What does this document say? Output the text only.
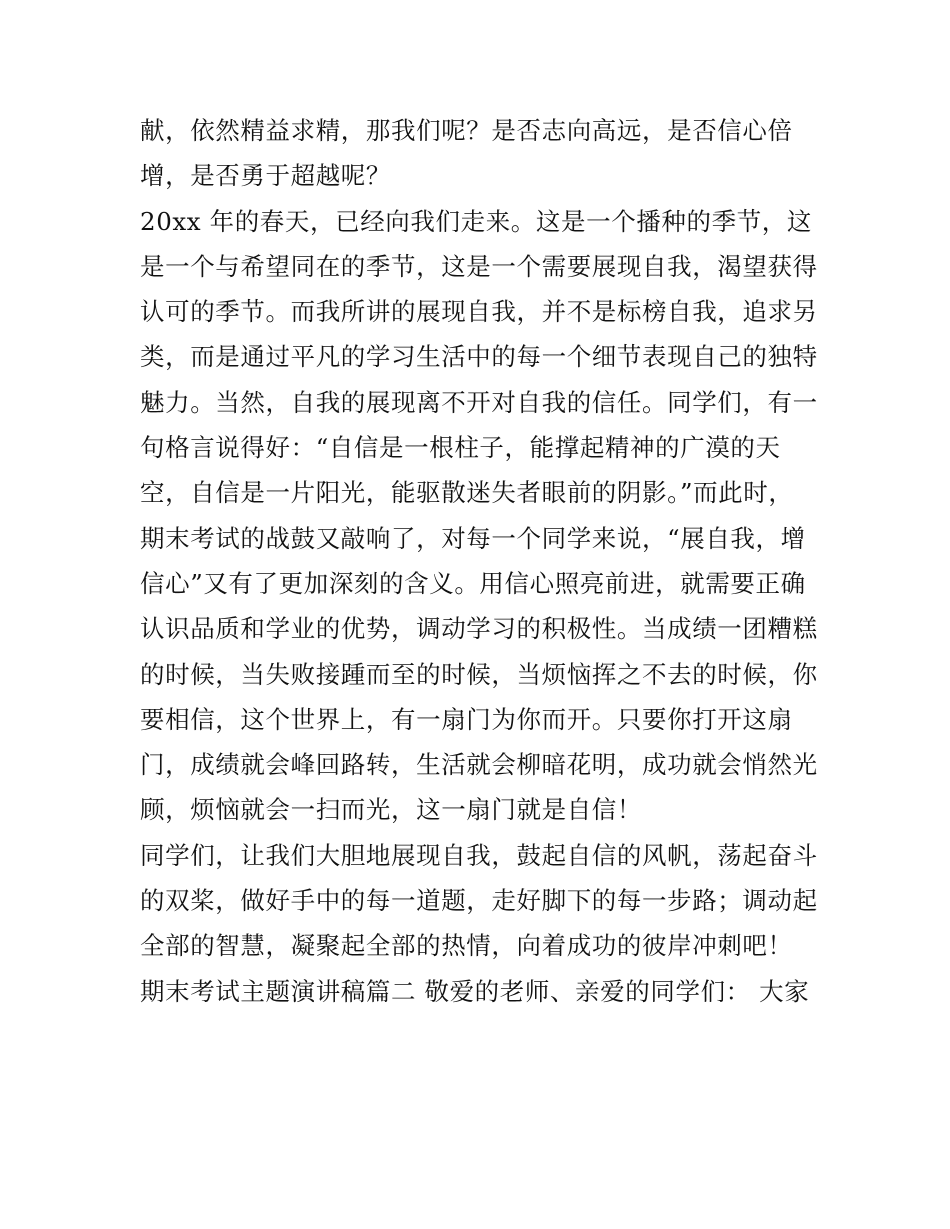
献，依然精益求精，那我们呢？是否志向高远，是否信心倍
增，是否勇于超越呢？
20xx 年的春天，已经向我们走来。这是一个播种的季节，这
是一个与希望同在的季节，这是一个需要展现自我，渴望获得
认可的季节。而我所讲的展现自我，并不是标榜自我，追求另
类，而是通过平凡的学习生活中的每一个细节表现自己的独特
魅力。当然，自我的展现离不开对自我的信任。同学们，有一
句格言说得好：“自信是一根柱子，能撑起精神的广漠的天
空，自信是一片阳光，能驱散迷失者眼前的阴影。”而此时，
期末考试的战鼓又敲响了，对每一个同学来说，“展自我，增
信心”又有了更加深刻的含义。用信心照亮前进，就需要正确
认识品质和学业的优势，调动学习的积极性。当成绩一团糟糕
的时候，当失败接踵而至的时候，当烦恼挥之不去的时候，你
要相信，这个世界上，有一扇门为你而开。只要你打开这扇
门，成绩就会峰回路转，生活就会柳暗花明，成功就会悄然光
顾，烦恼就会一扫而光，这一扇门就是自信！
同学们，让我们大胆地展现自我，鼓起自信的风帆，荡起奋斗
的双桨，做好手中的每一道题，走好脚下的每一步路；调动起
全部的智慧，凝聚起全部的热情，向着成功的彼岸冲刺吧！
期末考试主题演讲稿篇二 敬爱的老师、亲爱的同学们： 大家
